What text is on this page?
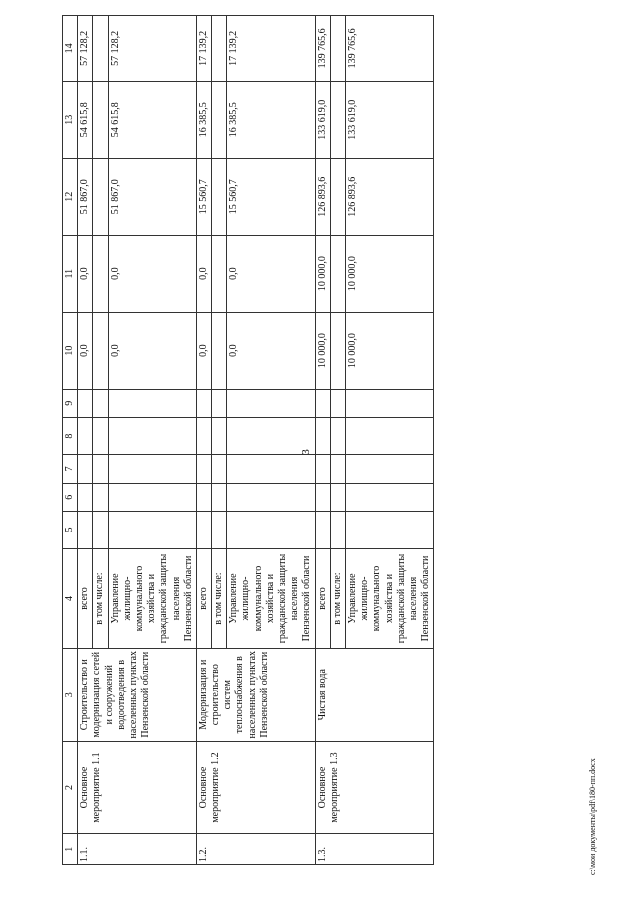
3
1	2	3	4	5	6	7	8	9	10	11	12	13	14
1.1.	Основное мероприятие 1.1	Строительство и модернизация сетей и сооружений водоотведения в населенных пунктах Пензенской области	всего						0,0	0,0	51 867,0	54 615,8	57 128,2
			в том числе:										
			Управление жилищно-коммунального хозяйства и гражданской защиты населения Пензенской области						0,0	0,0	51 867,0	54 615,8	57 128,2
1.2.	Основное мероприятие 1.2	Модернизация и строительство систем теплоснабжения в населенных пунктах Пензенской области	всего						0,0	0,0	15 560,7	16 385,5	17 139,2
			в том числе:										
			Управление жилищно-коммунального хозяйства и гражданской защиты населения Пензенской области						0,0	0,0	15 560,7	16 385,5	17 139,2
1.3.	Основное мероприятие 1.3	Чистая вода	всего						10 000,0	10 000,0	126 893,6	133 619,0	139 765,6
			в том числе:										
			Управление жилищно-коммунального хозяйства и гражданской защиты населения Пензенской области						10 000,0	10 000,0	126 893,6	133 619,0	139 765,6
c:\мои документы\pdf\180-пп.docx
